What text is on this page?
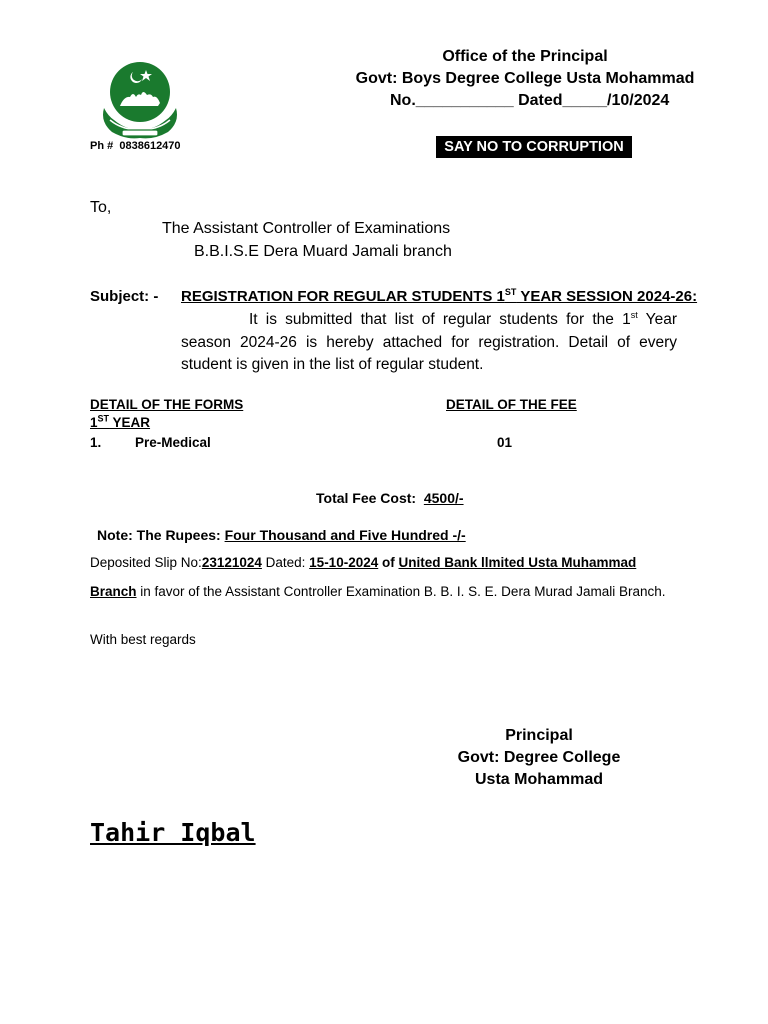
Ph # 0838612470
Office of the Principal
Govt: Boys Degree College Usta Mohammad
No.___________ Dated_____/10/2024
SAY NO TO CORRUPTION
To,
The Assistant Controller of Examinations
B.B.I.S.E Dera Muard Jamali branch
Subject: - REGISTRATION FOR REGULAR STUDENTS 1ST YEAR SESSION 2024-26:
It is submitted that list of regular students for the 1st Year season 2024-26 is hereby attached for registration. Detail of every student is given in the list of regular student.
DETAIL OF THE FORMS	DETAIL OF THE FEE
1ST YEAR
1. Pre-Medical	01
Total Fee Cost: 4500/-
Note: The Rupees: Four Thousand and Five Hundred -/-
Deposited Slip No:23121024 Dated: 15-10-2024 of United Bank llmited Usta Muhammad
Branch in favor of the Assistant Controller Examination B. B. I. S. E. Dera Murad Jamali Branch.
With best regards
Principal
Govt: Degree College
Usta Mohammad
Tahir Iqbal
